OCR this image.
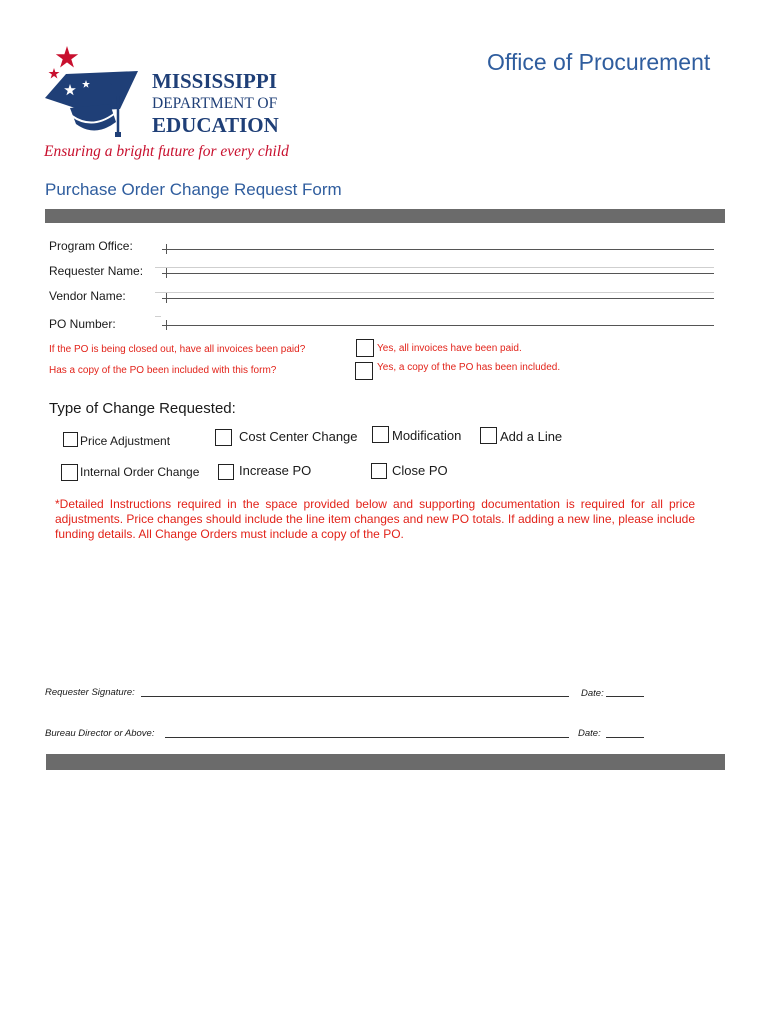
MISSISSIPPI
DEPARTMENT OF
EDUCATION
Ensuring a bright future for every child
Office of Procurement
Purchase Order Change Request Form
Program Office:
Requester Name:
Vendor Name:
PO Number:
If the PO is being closed out, have all invoices been paid?	Yes, all invoices have been paid.
Has a copy of the PO been included with this form?	Yes, a copy of the PO has been included.
Type of Change Requested:
Price Adjustment	Cost Center Change	Modification	Add a Line
Internal Order Change	Increase PO	Close PO
*Detailed Instructions required in the space provided below and supporting documentation is required for all price adjustments. Price changes should include the line item changes and new PO totals. If adding a new line, please include funding details. All Change Orders must include a copy of the PO.
Requester Signature:	Date:
Bureau Director or Above:	Date:
